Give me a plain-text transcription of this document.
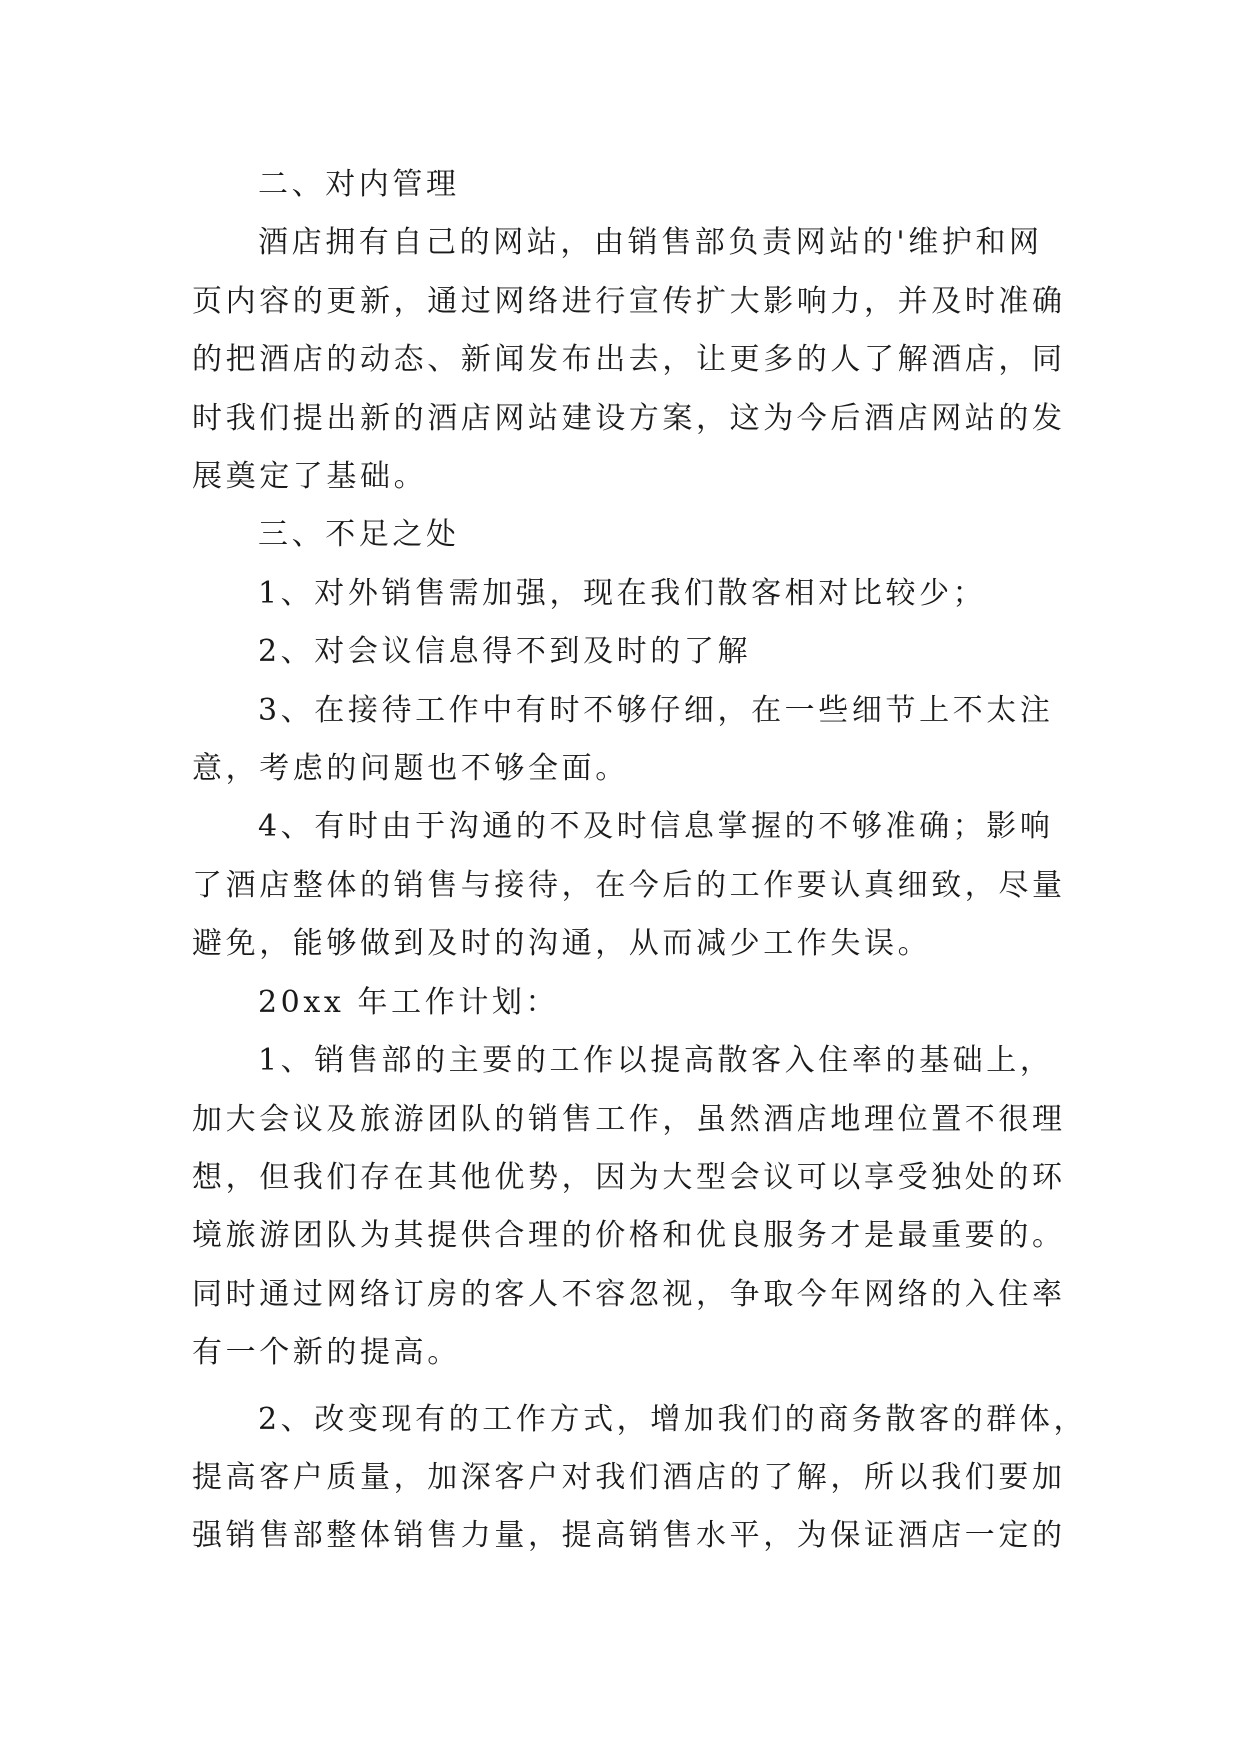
二、对内管理

酒店拥有自己的网站，由销售部负责网站的'维护和网
页内容的更新，通过网络进行宣传扩大影响力，并及时准确
的把酒店的动态、新闻发布出去，让更多的人了解酒店，同
时我们提出新的酒店网站建设方案，这为今后酒店网站的发
展奠定了基础。

三、不足之处

1、对外销售需加强，现在我们散客相对比较少；

2、对会议信息得不到及时的了解

3、在接待工作中有时不够仔细，在一些细节上不太注
意，考虑的问题也不够全面。

4、有时由于沟通的不及时信息掌握的不够准确；影响
了酒店整体的销售与接待，在今后的工作要认真细致，尽量
避免，能够做到及时的沟通，从而减少工作失误。

20xx 年工作计划：

1、销售部的主要的工作以提高散客入住率的基础上，
加大会议及旅游团队的销售工作，虽然酒店地理位置不很理
想，但我们存在其他优势，因为大型会议可以享受独处的环
境旅游团队为其提供合理的价格和优良服务才是最重要的。
同时通过网络订房的客人不容忽视，争取今年网络的入住率
有一个新的提高。

2、改变现有的工作方式，增加我们的商务散客的群体，
提高客户质量，加深客户对我们酒店的了解，所以我们要加
强销售部整体销售力量，提高销售水平，为保证酒店一定的
